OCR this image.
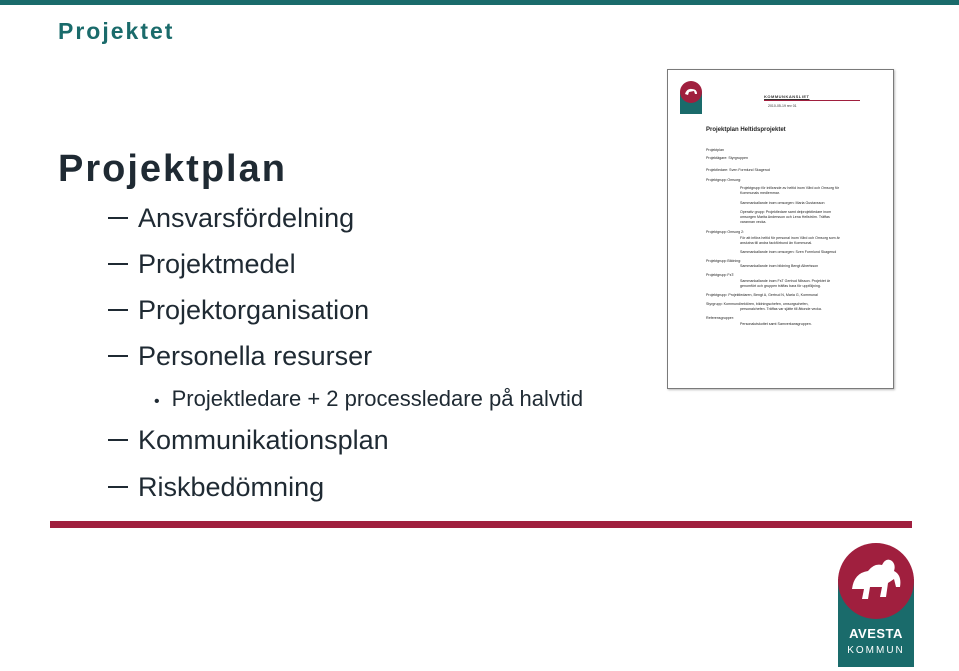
Projektet
Projektplan
Ansvarsfördelning
Projektmedel
Projektorganisation
Personella resurser
• Projektledare + 2 processledare på halvtid
Kommunikationsplan
Riskbedömning
KOMMUNKANSLIET
2010-05-19 rev 01
Projektplan Heltidsprojektet
Projektplan
Projektägare: Styrgruppen
Projektledare: Sven Formlund Skagerud
Projektgrupp Omsorg:
Projektgrupp för införande av heltid inom Vård och Omsorg för
Kommunals medlemmar.
Sammankallande inom omsorgen: Maria Gustavsson
Operativ grupp: Projektledare samt delprojektledare inom
omsorgen Marita Andersson och Lena Hellström. Träffas
varannan vecka.
Projektgrupp Omsorg 2:
För att införa heltid för personal inom Vård och Omsorg som är
anslutna till andra fackförbund än Kommunal.
Sammankallande inom omsorgen: Sven Formlund Skagerud
Projektgrupp Bildning:
Sammankallande inom bildning Bengt Albertsson
Projektgrupp FsT:
Sammankallande inom FsT Gertrud Nilsson. Projektet är
genomfört och gruppen träffas bara för uppföljning.
Projektgrupp: Projektledaren, Bengt A, Gertrud N, Maria G, Kommunal
Styrgrupp: Kommundirektören, bildningschefen, omsorgschefen,
personalchefen. Träffas var sjätte till åttonde vecka.
Referensgrupper:
Personalutskottet samt Samverkansgruppen.
AVESTA
KOMMUN
